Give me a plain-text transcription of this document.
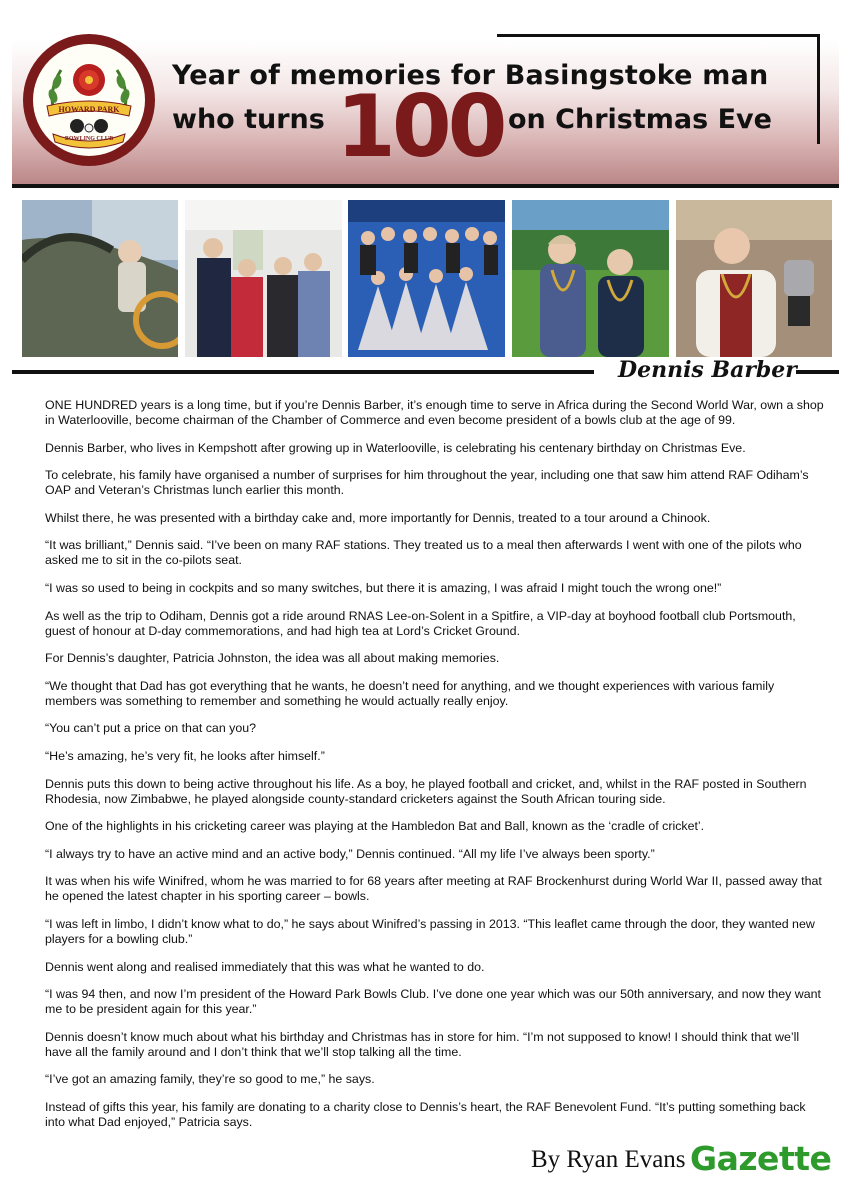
HOWARD PARK
BOWLING CLUB
Year of memories for Basingstoke man
who turns 100 on Christmas Eve
Dennis Barber

ONE HUNDRED years is a long time, but if you’re Dennis Barber, it’s enough time to serve in Africa during the Second World War, own a shop in Waterlooville, become chairman of the Chamber of Commerce and even become president of a bowls club at the age of 99.

Dennis Barber, who lives in Kempshott after growing up in Waterlooville, is celebrating his centenary birthday on Christmas Eve.

To celebrate, his family have organised a number of surprises for him throughout the year, including one that saw him attend RAF Odiham’s OAP and Veteran’s Christmas lunch earlier this month.

Whilst there, he was presented with a birthday cake and, more importantly for Dennis, treated to a tour around a Chinook.

“It was brilliant,” Dennis said. “I’ve been on many RAF stations. They treated us to a meal then afterwards I went with one of the pilots who asked me to sit in the co-pilots seat.

“I was so used to being in cockpits and so many switches, but there it is amazing, I was afraid I might touch the wrong one!”

As well as the trip to Odiham, Dennis got a ride around RNAS Lee-on-Solent in a Spitfire, a VIP-day at boyhood football club Portsmouth, guest of honour at D-day commemorations, and had high tea at Lord’s Cricket Ground.

For Dennis’s daughter, Patricia Johnston, the idea was all about making memories.

“We thought that Dad has got everything that he wants, he doesn’t need for anything, and we thought experiences with various family members was something to remember and something he would actually really enjoy.

“You can’t put a price on that can you?

“He’s amazing, he’s very fit, he looks after himself.”

Dennis puts this down to being active throughout his life. As a boy, he played football and cricket, and, whilst in the RAF posted in Southern Rhodesia, now Zimbabwe, he played alongside county-standard cricketers against the South African touring side.

One of the highlights in his cricketing career was playing at the Hambledon Bat and Ball, known as the ‘cradle of cricket’.

“I always try to have an active mind and an active body,” Dennis continued. “All my life I’ve always been sporty.”

It was when his wife Winifred, whom he was married to for 68 years after meeting at RAF Brockenhurst during World War II, passed away that he opened the latest chapter in his sporting career – bowls.

“I was left in limbo, I didn’t know what to do,” he says about Winifred’s passing in 2013. “This leaflet came through the door, they wanted new players for a bowling club.”

Dennis went along and realised immediately that this was what he wanted to do.

“I was 94 then, and now I’m president of the Howard Park Bowls Club. I’ve done one year which was our 50th anniversary, and now they want me to be president again for this year.”

Dennis doesn’t know much about what his birthday and Christmas has in store for him. “I’m not supposed to know! I should think that we’ll have all the family around and I don’t think that we’ll stop talking all the time.

“I’ve got an amazing family, they’re so good to me,” he says.

Instead of gifts this year, his family are donating to a charity close to Dennis’s heart, the RAF Benevolent Fund. “It’s putting something back into what Dad enjoyed,” Patricia says.

By Ryan Evans Gazette
